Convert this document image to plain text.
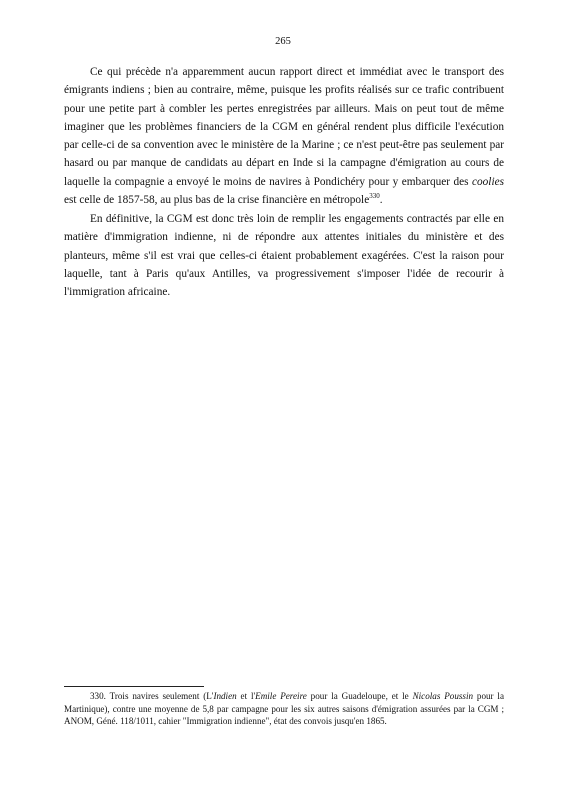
265

Ce qui précède n'a apparemment aucun rapport direct et immédiat avec le transport des émigrants indiens ; bien au contraire, même, puisque les profits réalisés sur ce trafic contribuent pour une petite part à combler les pertes enregistrées par ailleurs. Mais on peut tout de même imaginer que les problèmes financiers de la CGM en général rendent plus difficile l'exécution par celle-ci de sa convention avec le ministère de la Marine ; ce n'est peut-être pas seulement par hasard ou par manque de candidats au départ en Inde si la campagne d'émigration au cours de laquelle la compagnie a envoyé le moins de navires à Pondichéry pour y embarquer des coolies est celle de 1857-58, au plus bas de la crise financière en métropole$^{330}$.

En définitive, la CGM est donc très loin de remplir les engagements contractés par elle en matière d'immigration indienne, ni de répondre aux attentes initiales du ministère et des planteurs, même s'il est vrai que celles-ci étaient probablement exagérées. C'est la raison pour laquelle, tant à Paris qu'aux Antilles, va progressivement s'imposer l'idée de recourir à l'immigration africaine.

330. Trois navires seulement (L'Indien et l'Emile Pereire pour la Guadeloupe, et le Nicolas Poussin pour la Martinique), contre une moyenne de 5,8 par campagne pour les six autres saisons d'émigration assurées par la CGM ; ANOM, Géné. 118/1011, cahier "Immigration indienne", état des convois jusqu'en 1865.
